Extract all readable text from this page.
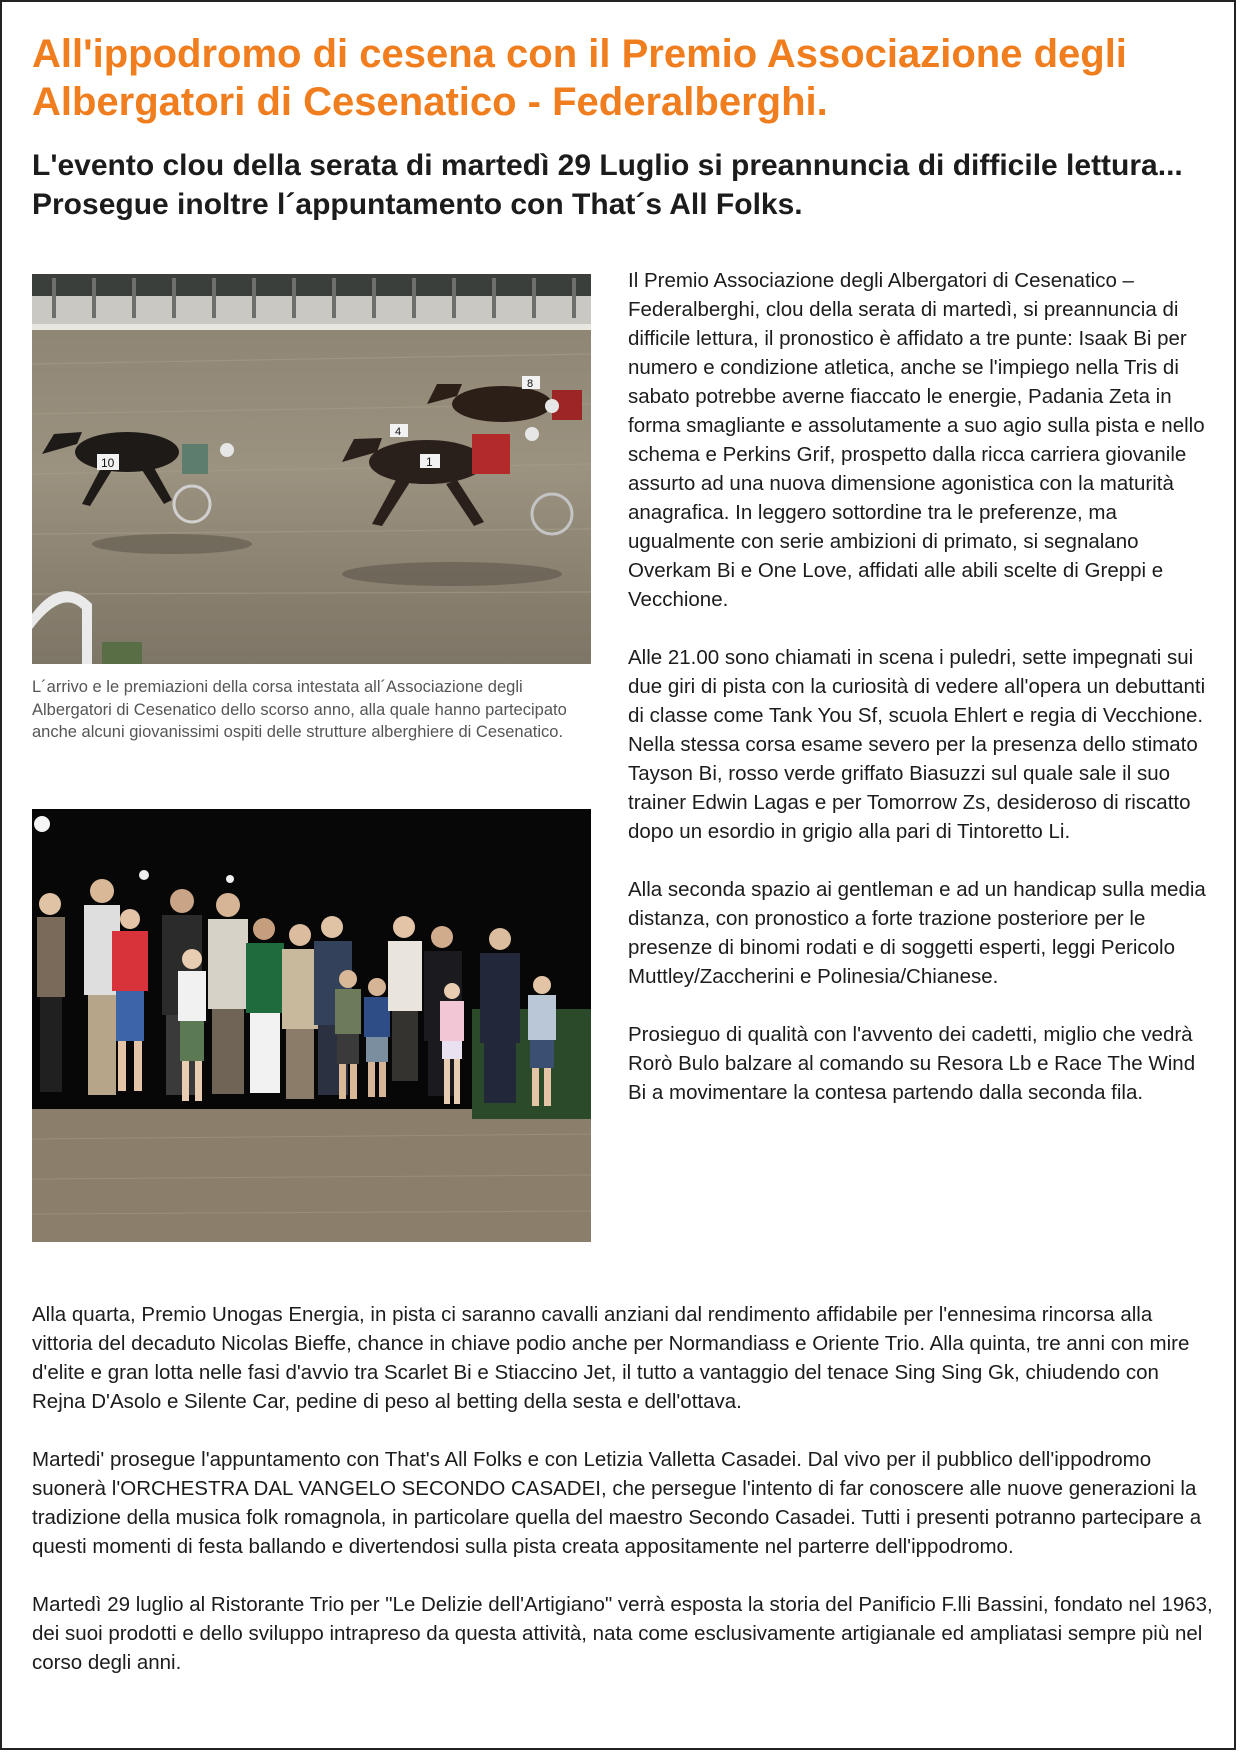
All'ippodromo di cesena con il Premio Associazione degli Albergatori di Cesenatico - Federalberghi.
L'evento clou della serata di martedì 29 Luglio si preannuncia di difficile lettura... Prosegue inoltre l´appuntamento con That´s All Folks.
10	1
4
8

L´arrivo e le premiazioni della corsa intestata all´Associazione degli Albergatori di Cesenatico dello scorso anno, alla quale hanno partecipato anche alcuni giovanissimi ospiti delle strutture alberghiere di Cesenatico.

Il Premio Associazione degli Albergatori di Cesenatico – Federalberghi, clou della serata di martedì, si preannuncia di difficile lettura, il pronostico è affidato a tre punte: Isaak Bi per numero e condizione atletica, anche se l'impiego nella Tris di sabato potrebbe averne fiaccato le energie, Padania Zeta in forma smagliante e assolutamente a suo agio sulla pista e nello schema e Perkins Grif, prospetto dalla ricca carriera giovanile assurto ad una nuova dimensione agonistica con la maturità anagrafica. In leggero sottordine tra le preferenze, ma ugualmente con serie ambizioni di primato, si segnalano Overkam Bi e One Love, affidati alle abili scelte di Greppi e Vecchione.

Alle 21.00 sono chiamati in scena i puledri, sette impegnati sui due giri di pista con la curiosità di vedere all'opera un debuttanti di classe come Tank You Sf, scuola Ehlert e regia di Vecchione. Nella stessa corsa esame severo per la presenza dello stimato Tayson Bi, rosso verde griffato Biasuzzi sul quale sale il suo trainer Edwin Lagas e per Tomorrow Zs, desideroso di riscatto dopo un esordio in grigio alla pari di Tintoretto Li.

Alla seconda spazio ai gentleman e ad un handicap sulla media distanza, con pronostico a forte trazione posteriore per le presenze di binomi rodati e di soggetti esperti, leggi Pericolo Muttley/Zaccherini e Polinesia/Chianese.

Prosieguo di qualità con l'avvento dei cadetti, miglio che vedrà Rorò Bulo balzare al comando su Resora Lb e Race The Wind Bi a movimentare la contesa partendo dalla seconda fila.

Alla quarta, Premio Unogas Energia, in pista ci saranno cavalli anziani dal rendimento affidabile per l'ennesima rincorsa alla vittoria del decaduto Nicolas Bieffe, chance in chiave podio anche per Normandiass e Oriente Trio. Alla quinta, tre anni con mire d'elite e gran lotta nelle fasi d'avvio tra Scarlet Bi e Stiaccino Jet, il tutto a vantaggio del tenace Sing Sing Gk, chiudendo con Rejna D'Asolo e Silente Car, pedine di peso al betting della sesta e dell'ottava.

Martedi' prosegue l'appuntamento con That's All Folks e con Letizia Valletta Casadei. Dal vivo per il pubblico dell'ippodromo suonerà l'ORCHESTRA DAL VANGELO SECONDO CASADEI, che persegue l'intento di far conoscere alle nuove generazioni la tradizione della musica folk romagnola, in particolare quella del maestro Secondo Casadei. Tutti i presenti potranno partecipare a questi momenti di festa ballando e divertendosi sulla pista creata appositamente nel parterre dell'ippodromo.

Martedì 29 luglio al Ristorante Trio per "Le Delizie dell'Artigiano" verrà esposta la storia del Panificio F.lli Bassini, fondato nel 1963, dei suoi prodotti e dello sviluppo intrapreso da questa attività, nata come esclusivamente artigianale ed ampliatasi sempre più nel corso degli anni.
